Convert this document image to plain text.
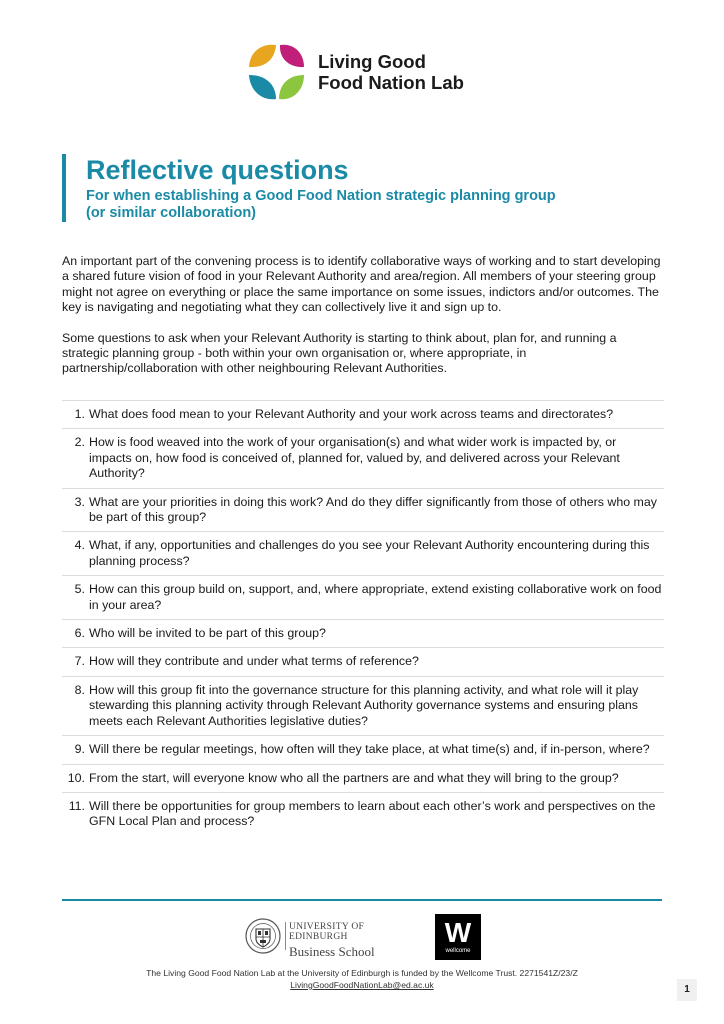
Living Good
Food Nation Lab
Reflective questions
For when establishing a Good Food Nation strategic planning group
(or similar collaboration)

An important part of the convening process is to identify collaborative ways of working and to start developing a shared future vision of food in your Relevant Authority and area/region. All members of your steering group might not agree on everything or place the same importance on some issues, indictors and/or outcomes. The key is navigating and negotiating what they can collectively live it and sign up to.

Some questions to ask when your Relevant Authority is starting to think about, plan for, and running a strategic planning group - both within your own organisation or, where appropriate, in partnership/collaboration with other neighbouring Relevant Authorities.

1. What does food mean to your Relevant Authority and your work across teams and directorates?
2. How is food weaved into the work of your organisation(s) and what wider work is impacted by, or impacts on, how food is conceived of, planned for, valued by, and delivered across your Relevant Authority?
3. What are your priorities in doing this work? And do they differ significantly from those of others who may be part of this group?
4. What, if any, opportunities and challenges do you see your Relevant Authority encountering during this planning process?
5. How can this group build on, support, and, where appropriate, extend existing collaborative work on food in your area?
6. Who will be invited to be part of this group?
7. How will they contribute and under what terms of reference?
8. How will this group fit into the governance structure for this planning activity, and what role will it play stewarding this planning activity through Relevant Authority governance systems and ensuring plans meets each Relevant Authorities legislative duties?
9. Will there be regular meetings, how often will they take place, at what time(s) and, if in-person, where?
10. From the start, will everyone know who all the partners are and what they will bring to the group?
11. Will there be opportunities for group members to learn about each other’s work and perspectives on the GFN Local Plan and process?
UNIVERSITY OF EDINBURGH
Business School
W
wellcome
The Living Good Food Nation Lab at the University of Edinburgh is funded by the Wellcome Trust. 2271541Z/23/Z
LivingGoodFoodNationLab@ed.ac.uk	1
